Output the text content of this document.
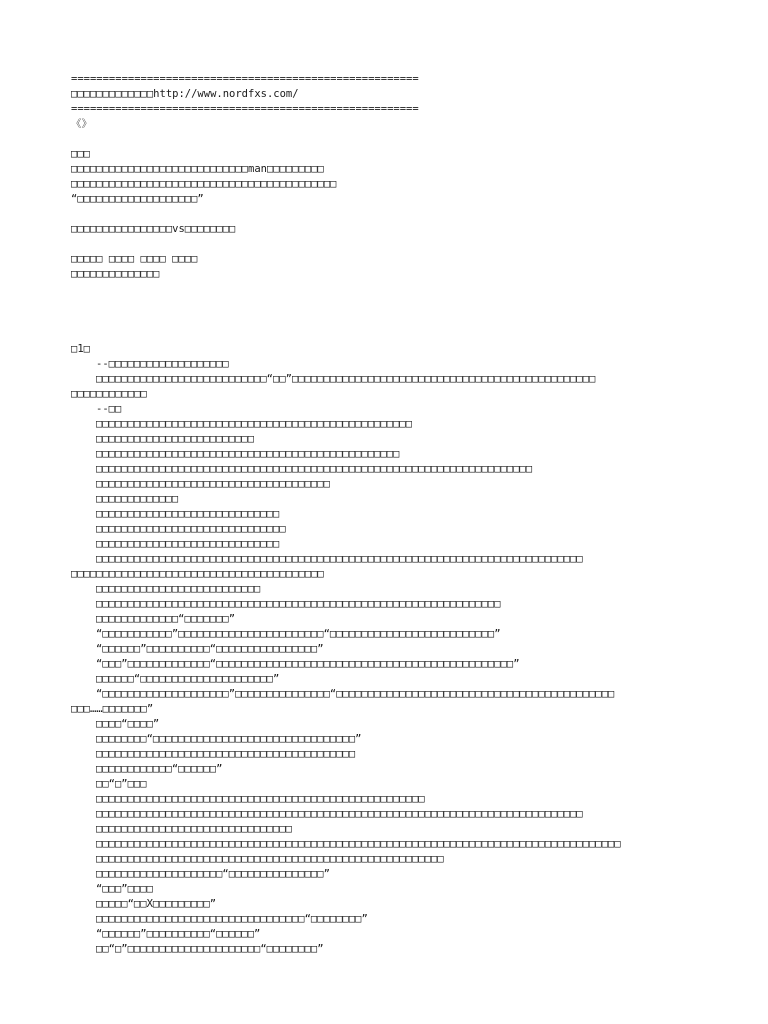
=======================================================
□□□□□□□□□□□□□http://www.nordfxs.com/
=======================================================
《》
□□□
□□□□□□□□□□□□□□□□□□□□□□□□□□□□man□□□□□□□□□
□□□□□□□□□□□□□□□□□□□□□□□□□□□□□□□□□□□□□□□□□□
“□□□□□□□□□□□□□□□□□□□”
□□□□□□□□□□□□□□□□vs□□□□□□□□
□□□□□ □□□□ □□□□ □□□□
□□□□□□□□□□□□□□
□1□
--□□□□□□□□□□□□□□□□□□□
□□□□□□□□□□□□□□□□□□□□□□□□□□□“□□”□□□□□□□□□□□□□□□□□□□□□□□□□□□□□□□□□□□□□□□□□□□□□□□□
□□□□□□□□□□□□
--□□
□□□□□□□□□□□□□□□□□□□□□□□□□□□□□□□□□□□□□□□□□□□□□□□□□□
□□□□□□□□□□□□□□□□□□□□□□□□□
□□□□□□□□□□□□□□□□□□□□□□□□□□□□□□□□□□□□□□□□□□□□□□□□
□□□□□□□□□□□□□□□□□□□□□□□□□□□□□□□□□□□□□□□□□□□□□□□□□□□□□□□□□□□□□□□□□□□□□
□□□□□□□□□□□□□□□□□□□□□□□□□□□□□□□□□□□□□
□□□□□□□□□□□□□
□□□□□□□□□□□□□□□□□□□□□□□□□□□□□
□□□□□□□□□□□□□□□□□□□□□□□□□□□□□□
□□□□□□□□□□□□□□□□□□□□□□□□□□□□□
□□□□□□□□□□□□□□□□□□□□□□□□□□□□□□□□□□□□□□□□□□□□□□□□□□□□□□□□□□□□□□□□□□□□□□□□□□□□□
□□□□□□□□□□□□□□□□□□□□□□□□□□□□□□□□□□□□□□□□
□□□□□□□□□□□□□□□□□□□□□□□□□□
□□□□□□□□□□□□□□□□□□□□□□□□□□□□□□□□□□□□□□□□□□□□□□□□□□□□□□□□□□□□□□□□
□□□□□□□□□□□□□“□□□□□□□”
“□□□□□□□□□□□”□□□□□□□□□□□□□□□□□□□□□□□“□□□□□□□□□□□□□□□□□□□□□□□□□□”
“□□□□□□”□□□□□□□□□□“□□□□□□□□□□□□□□□□”
“□□□”□□□□□□□□□□□□□“□□□□□□□□□□□□□□□□□□□□□□□□□□□□□□□□□□□□□□□□□□□□□□□”
□□□□□□“□□□□□□□□□□□□□□□□□□□□□”
“□□□□□□□□□□□□□□□□□□□□”□□□□□□□□□□□□□□□“□□□□□□□□□□□□□□□□□□□□□□□□□□□□□□□□□□□□□□□□□□□□
□□□……□□□□□□□”
□□□□“□□□□”
□□□□□□□□“□□□□□□□□□□□□□□□□□□□□□□□□□□□□□□□□”
□□□□□□□□□□□□□□□□□□□□□□□□□□□□□□□□□□□□□□□□□
□□□□□□□□□□□□“□□□□□□”
□□“□”□□□
□□□□□□□□□□□□□□□□□□□□□□□□□□□□□□□□□□□□□□□□□□□□□□□□□□□□
□□□□□□□□□□□□□□□□□□□□□□□□□□□□□□□□□□□□□□□□□□□□□□□□□□□□□□□□□□□□□□□□□□□□□□□□□□□□□
□□□□□□□□□□□□□□□□□□□□□□□□□□□□□□□
□□□□□□□□□□□□□□□□□□□□□□□□□□□□□□□□□□□□□□□□□□□□□□□□□□□□□□□□□□□□□□□□□□□□□□□□□□□□□□□□□□□
□□□□□□□□□□□□□□□□□□□□□□□□□□□□□□□□□□□□□□□□□□□□□□□□□□□□□□□
□□□□□□□□□□□□□□□□□□□□“□□□□□□□□□□□□□□□”
“□□□”□□□□
□□□□□“□□X□□□□□□□□□”
□□□□□□□□□□□□□□□□□□□□□□□□□□□□□□□□□“□□□□□□□□”
“□□□□□□”□□□□□□□□□□“□□□□□□”
□□“□”□□□□□□□□□□□□□□□□□□□□□“□□□□□□□□”
